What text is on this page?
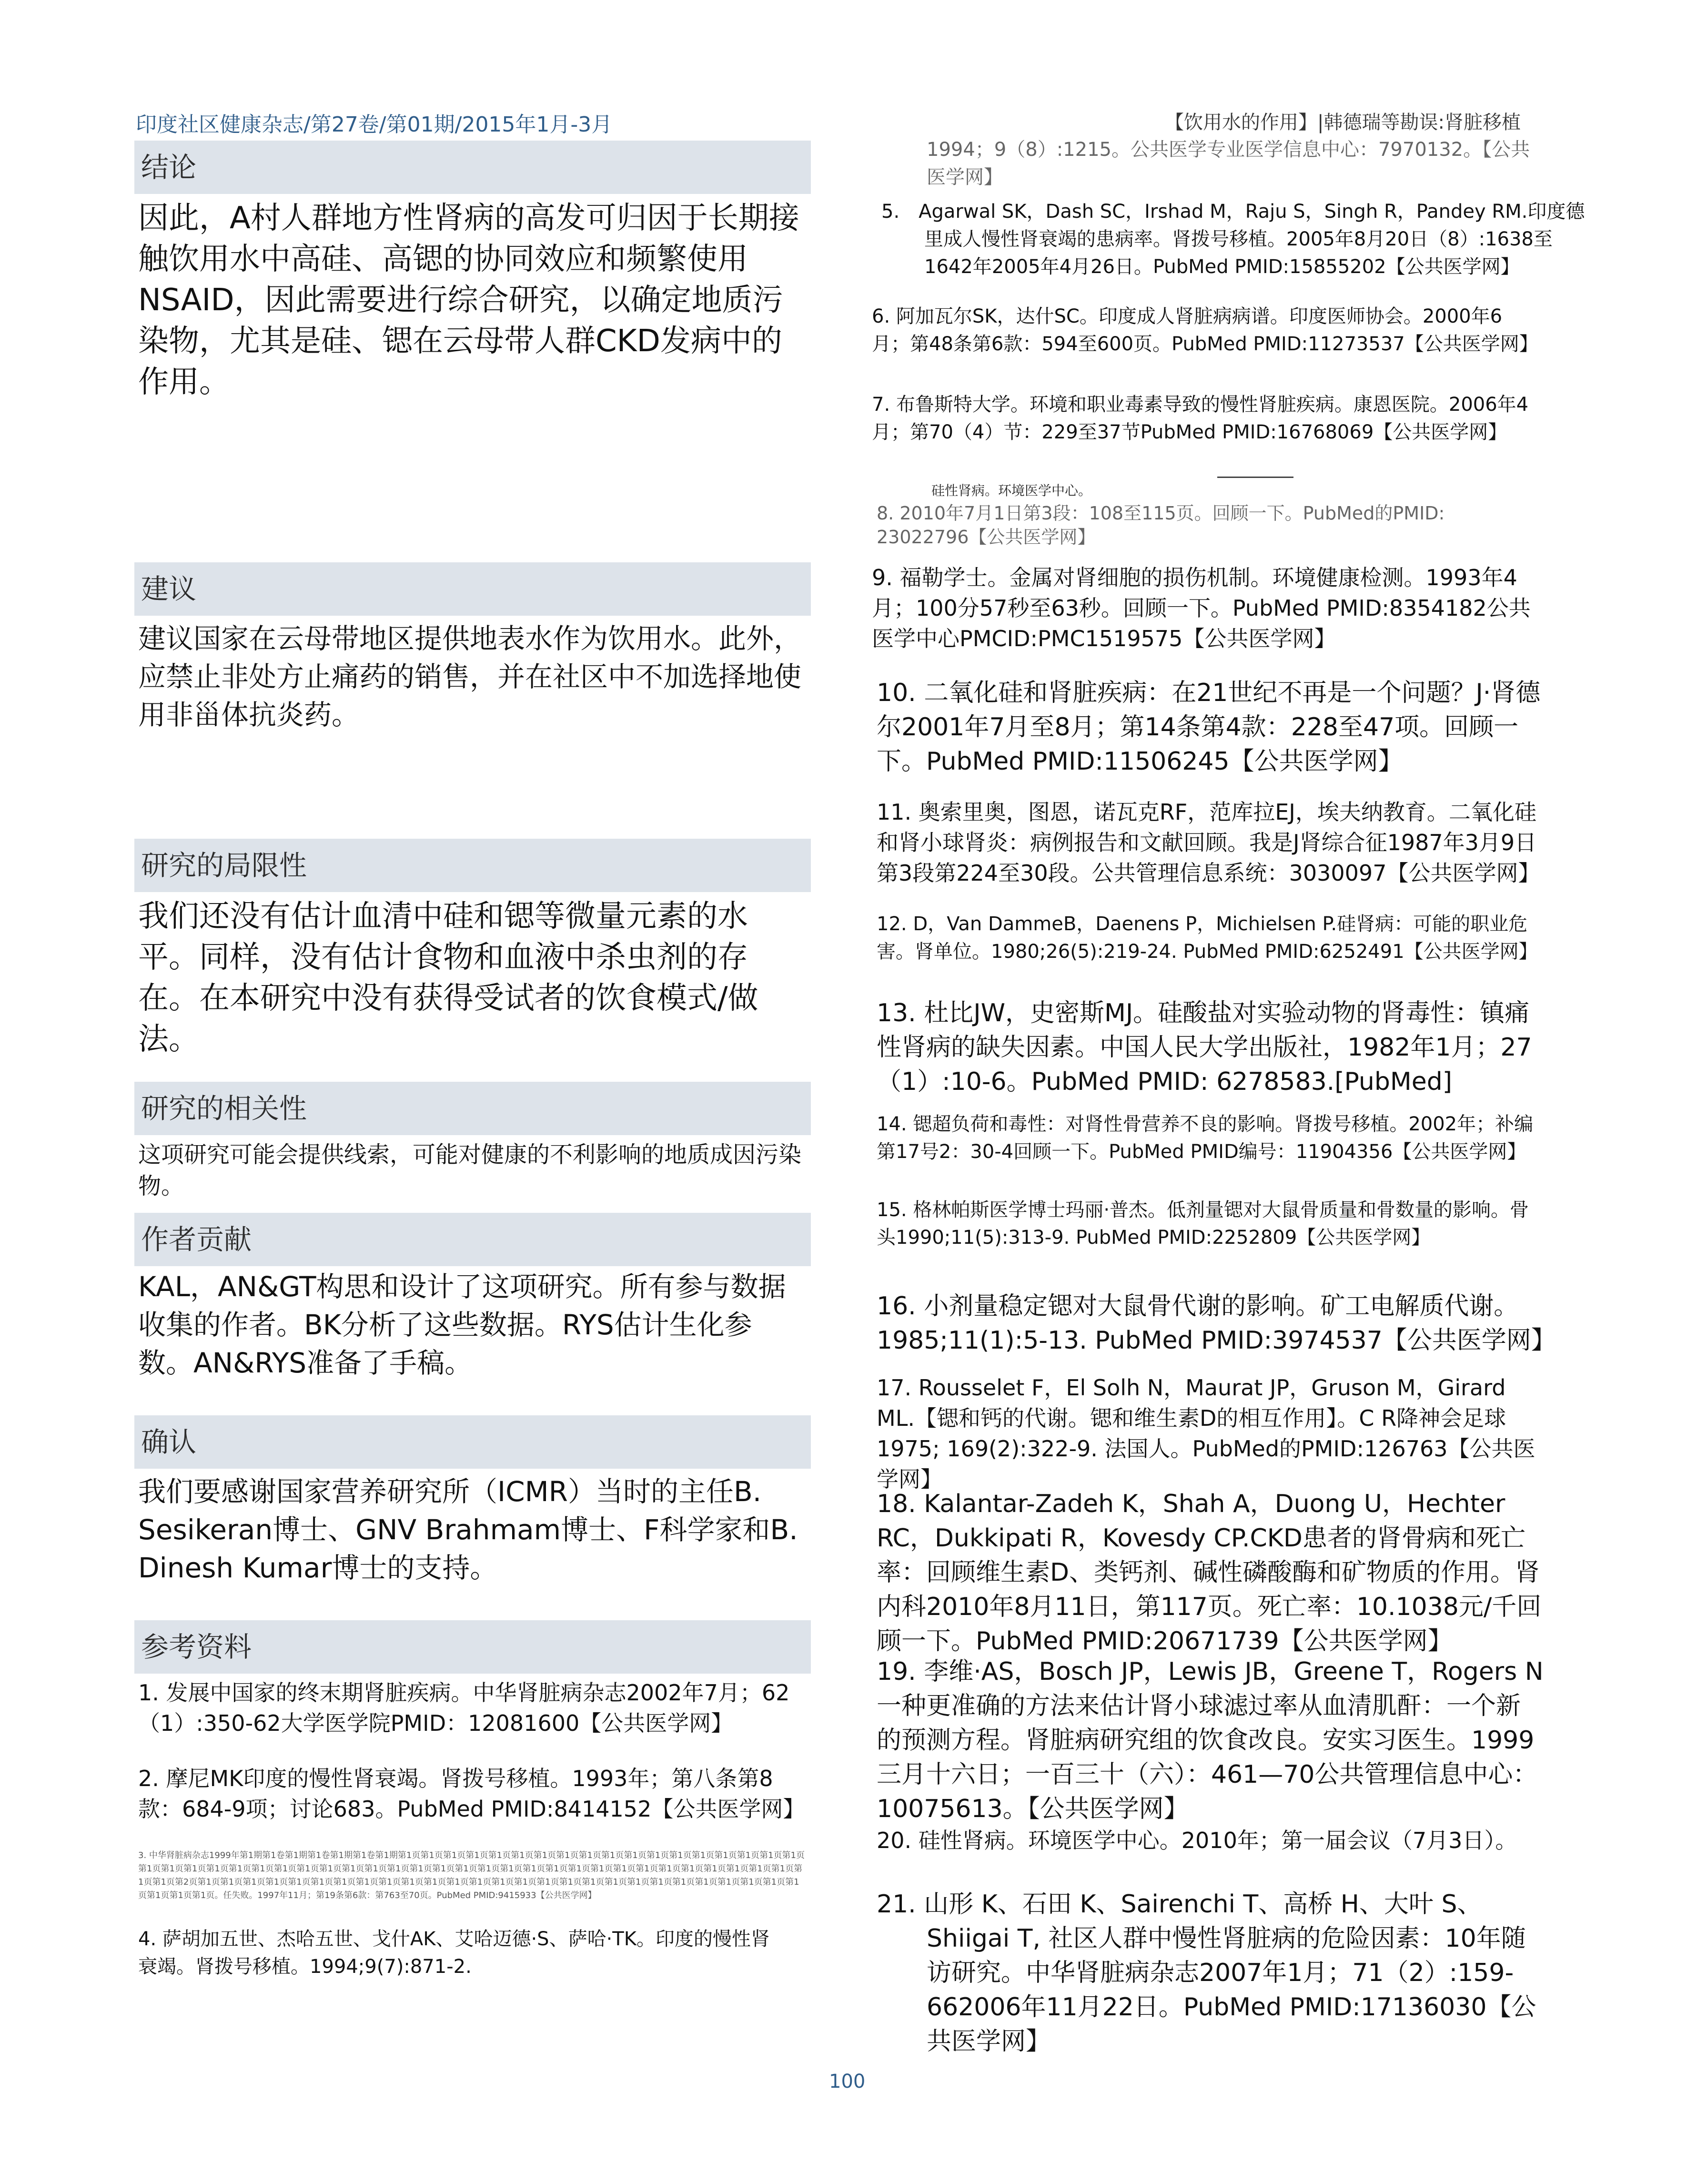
印度社区健康杂志/第27卷/第01期/2015年1月-3月	【饮用水的作用】|韩德瑞等勘误:肾脏移植
结论
因此，A村人群地方性肾病的高发可归因于长期接触饮用水中高硅、高锶的协同效应和频繁使用NSAID，因此需要进行综合研究，以确定地质污染物，尤其是硅、锶在云母带人群CKD发病中的作用。
建议
建议国家在云母带地区提供地表水作为饮用水。此外，应禁止非处方止痛药的销售，并在社区中不加选择地使用非甾体抗炎药。
研究的局限性
我们还没有估计血清中硅和锶等微量元素的水平。同样，没有估计食物和血液中杀虫剂的存在。在本研究中没有获得受试者的饮食模式/做法。
研究的相关性
这项研究可能会提供线索，可能对健康的不利影响的地质成因污染物。
作者贡献
KAL，AN&GT构思和设计了这项研究。所有参与数据收集的作者。BK分析了这些数据。RYS估计生化参数。AN&RYS准备了手稿。
确认
我们要感谢国家营养研究所（ICMR）当时的主任B. Sesikeran博士、GNV Brahmam博士、F科学家和B. Dinesh Kumar博士的支持。
参考资料
1. 发展中国家的终末期肾脏疾病。中华肾脏病杂志2002年7月；62（1）:350-62大学医学院PMID：12081600【公共医学网】
2. 摩尼MK印度的慢性肾衰竭。肾拨号移植。1993年；第八条第8款：684-9项；讨论683。PubMed PMID:8414152【公共医学网】
3. 中华肾脏病杂志1999年第1期第1卷第1期第1卷第1期第1卷第1期第1页第1页第1页第1页第1页第1页第1页第1页第1页第1页第1页第1页第1页第1页第1页第1页第1页第1页第1页第1页第1页第1页第1页第1页第1页第1页第1页第1页第1页第1页第1页第1页第1页第1页第1页第1页第1页第1页第1页第1页第1页第1页第1页第1页第1页第1页第1页第1页第1页第2页第1页第1页第1页第1页第1页第1页第1页第1页第1页第1页第1页第1页第1页第1页第1页第1页第1页第1页第1页第1页第1页第1页第1页第1页第1页第1页第1页第1页第1页第1页。任失败。1997年11月；第19条第6款：第763至70页。PubMed PMID:9415933【公共医学网】
4. 萨胡加五世、杰哈五世、戈什AK、艾哈迈德·S、萨哈·TK。印度的慢性肾衰竭。肾拨号移植。1994;9(7):871-2.
1994；9（8）:1215。公共医学专业医学信息中心：7970132。【公共医学网】
5.　Agarwal SK，Dash SC，Irshad M，Raju S，Singh R，Pandey RM.印度德里成人慢性肾衰竭的患病率。肾拨号移植。2005年8月20日（8）:1638至1642年2005年4月26日。PubMed PMID:15855202【公共医学网】
6. 阿加瓦尔SK，达什SC。印度成人肾脏病病谱。印度医师协会。2000年6月；第48条第6款：594至600页。PubMed PMID:11273537【公共医学网】
7. 布鲁斯特大学。环境和职业毒素导致的慢性肾脏疾病。康恩医院。2006年4月；第70（4）节：229至37节PubMed PMID:16768069【公共医学网】
硅性肾病。环境医学中心。
8. 2010年7月1日第3段：108至115页。回顾一下。PubMed的PMID: 23022796【公共医学网】
9. 福勒学士。金属对肾细胞的损伤机制。环境健康检测。1993年4月；100分57秒至63秒。回顾一下。PubMed PMID:8354182公共医学中心PMCID:PMC1519575【公共医学网】
10. 二氧化硅和肾脏疾病：在21世纪不再是一个问题？J·肾德尔2001年7月至8月；第14条第4款：228至47项。回顾一下。PubMed PMID:11506245【公共医学网】
11. 奥索里奥，图恩，诺瓦克RF，范库拉EJ，埃夫纳教育。二氧化硅和肾小球肾炎：病例报告和文献回顾。我是J肾综合征1987年3月9日第3段第224至30段。公共管理信息系统：3030097【公共医学网】
12. D，Van DammeB，Daenens P，Michielsen P.硅肾病：可能的职业危害。肾单位。1980;26(5):219-24. PubMed PMID:6252491【公共医学网】
13. 杜比JW，史密斯MJ。硅酸盐对实验动物的肾毒性：镇痛性肾病的缺失因素。中国人民大学出版社，1982年1月；27（1）:10-6。PubMed PMID: 6278583.[PubMed]
14. 锶超负荷和毒性：对肾性骨营养不良的影响。肾拨号移植。2002年；补编第17号2：30-4回顾一下。PubMed PMID编号：11904356【公共医学网】
15. 格林帕斯医学博士玛丽·普杰。低剂量锶对大鼠骨质量和骨数量的影响。骨头1990;11(5):313-9. PubMed PMID:2252809【公共医学网】
16. 小剂量稳定锶对大鼠骨代谢的影响。矿工电解质代谢。1985;11(1):5-13. PubMed PMID:3974537【公共医学网】
17. Rousselet F，El Solh N，Maurat JP，Gruson M，Girard ML.【锶和钙的代谢。锶和维生素D的相互作用】。C R降神会足球1975; 169(2):322-9. 法国人。PubMed的PMID:126763【公共医学网】
18. Kalantar-Zadeh K，Shah A，Duong U，Hechter RC，Dukkipati R，Kovesdy CP.CKD患者的肾骨病和死亡率：回顾维生素D、类钙剂、碱性磷酸酶和矿物质的作用。肾内科2010年8月11日，第117页。死亡率：10.1038元/千回顾一下。PubMed PMID:20671739【公共医学网】
19. 李维·AS，Bosch JP，Lewis JB，Greene T，Rogers N一种更准确的方法来估计肾小球滤过率从血清肌酐：一个新的预测方程。肾脏病研究组的饮食改良。安实习医生。1999 三月十六日；一百三十（六）：461—70公共管理信息中心：10075613。【公共医学网】
20. 硅性肾病。环境医学中心。2010年；第一届会议（7月3日）。
21. 山形 K、石田 K、Sairenchi T、高桥 H、大叶 S、Shiigai T, 社区人群中慢性肾脏病的危险因素：10年随访研究。中华肾脏病杂志2007年1月；71（2）:159-662006年11月22日。PubMed PMID:17136030【公共医学网】
100
